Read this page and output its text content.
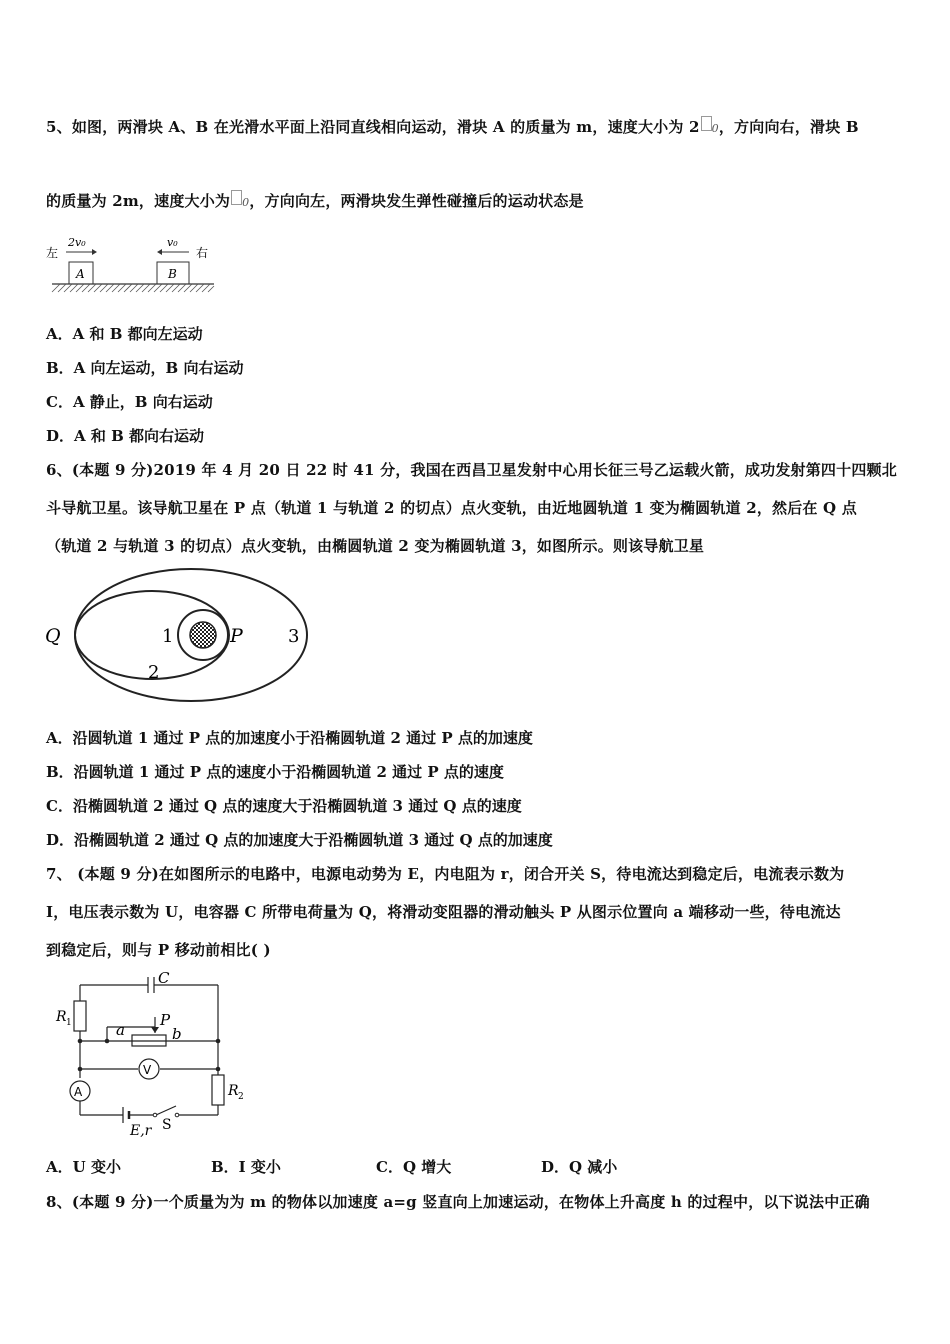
5、如图，两滑块 A、B 在光滑水平面上沿同直线相向运动，滑块 A 的质量为 m，速度大小为 2 0，方向向右，滑块 B
的质量为 2m，速度大小为 0，方向向左，两滑块发生弹性碰撞后的运动状态是
左
2v₀
A
v₀
B
右
A．A 和 B 都向左运动
B．A 向左运动，B 向右运动
C．A 静止，B 向右运动
D．A 和 B 都向右运动
6、(本题 9 分)2019 年 4 月 20 日 22 时 41 分，我国在西昌卫星发射中心用长征三号乙运载火箭，成功发射第四十四颗北
斗导航卫星。该导航卫星在 P 点（轨道 1 与轨道 2 的切点）点火变轨，由近地圆轨道 1 变为椭圆轨道 2，然后在 Q 点
（轨道 2 与轨道 3 的切点）点火变轨，由椭圆轨道 2 变为椭圆轨道 3，如图所示。则该导航卫星
Q	1	P	3
2
A．沿圆轨道 1 通过 P 点的加速度小于沿椭圆轨道 2 通过 P 点的加速度
B．沿圆轨道 1 通过 P 点的速度小于沿椭圆轨道 2 通过 P 点的速度
C．沿椭圆轨道 2 通过 Q 点的速度大于沿椭圆轨道 3 通过 Q 点的速度
D．沿椭圆轨道 2 通过 Q 点的加速度大于沿椭圆轨道 3 通过 Q 点的加速度
7、 (本题 9 分)在如图所示的电路中，电源电动势为 E，内电阻为 r，闭合开关 S，待电流达到稳定后，电流表示数为
I，电压表示数为 U，电容器 C 所带电荷量为 Q，将滑动变阻器的滑动触头 P 从图示位置向 a 端移动一些，待电流达
到稳定后，则与 P 移动前相比( )
C
R 1	a
P
b
V
A	R 2
E,r S
A．U 变小	B．I 变小	C．Q 增大	D．Q 减小
8、(本题 9 分)一个质量为为 m 的物体以加速度 a=g 竖直向上加速运动，在物体上升高度 h 的过程中，以下说法中正确
